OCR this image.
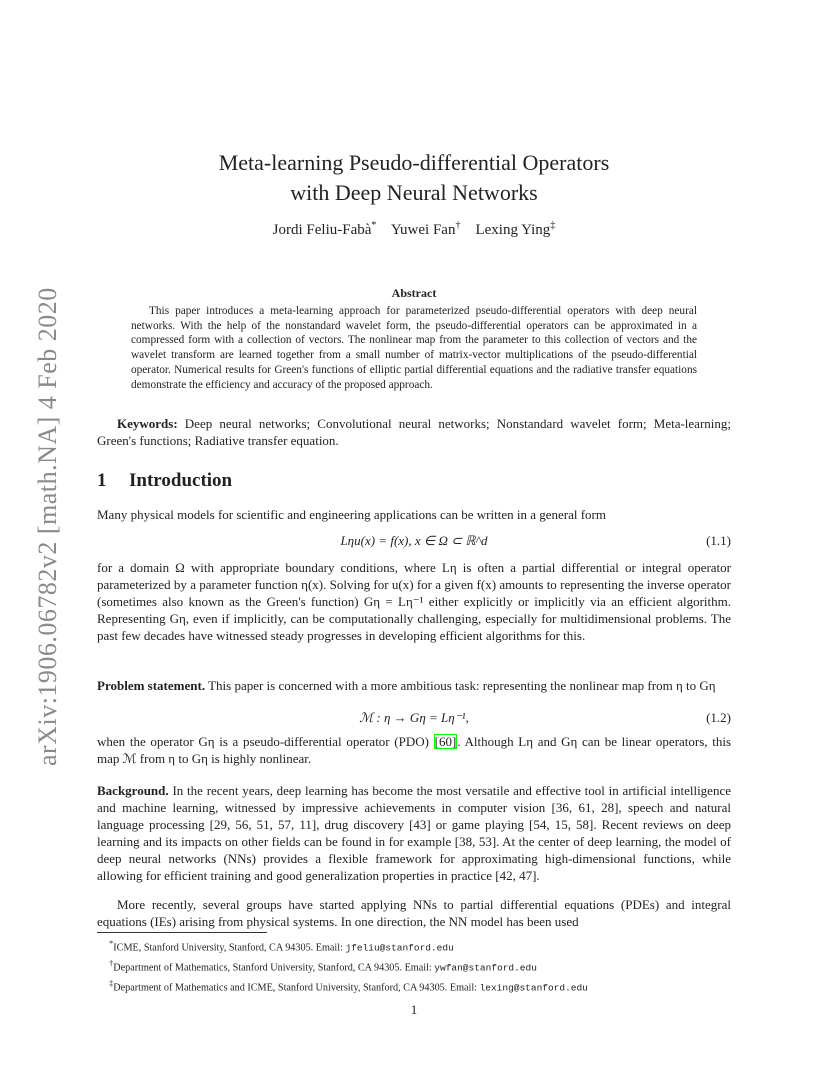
arXiv:1906.06782v2 [math.NA] 4 Feb 2020
Meta-learning Pseudo-differential Operators
with Deep Neural Networks
Jordi Feliu-Fabà* Yuwei Fan† Lexing Ying‡
Abstract
This paper introduces a meta-learning approach for parameterized pseudo-differential operators with deep neural networks. With the help of the nonstandard wavelet form, the pseudo-differential operators can be approximated in a compressed form with a collection of vectors. The nonlinear map from the parameter to this collection of vectors and the wavelet transform are learned together from a small number of matrix-vector multiplications of the pseudo-differential operator. Numerical results for Green's functions of elliptic partial differential equations and the radiative transfer equations demonstrate the efficiency and accuracy of the proposed approach.
Keywords: Deep neural networks; Convolutional neural networks; Nonstandard wavelet form; Meta-learning; Green's functions; Radiative transfer equation.
1 Introduction
Many physical models for scientific and engineering applications can be written in a general form
Lηu(x) = f(x), x ∈ Ω ⊂ ℝ^d	(1.1)
for a domain Ω with appropriate boundary conditions, where Lη is often a partial differential or integral operator parameterized by a parameter function η(x). Solving for u(x) for a given f(x) amounts to representing the inverse operator (sometimes also known as the Green's function) Gη = Lη⁻¹ either explicitly or implicitly via an efficient algorithm. Representing Gη, even if implicitly, can be computationally challenging, especially for multidimensional problems. The past few decades have witnessed steady progresses in developing efficient algorithms for this.
Problem statement. This paper is concerned with a more ambitious task: representing the nonlinear map from η to Gη
ℳ : η → Gη = Lη⁻¹,	(1.2)
when the operator Gη is a pseudo-differential operator (PDO) [60]. Although Lη and Gη can be linear operators, this map ℳ from η to Gη is highly nonlinear.
Background. In the recent years, deep learning has become the most versatile and effective tool in artificial intelligence and machine learning, witnessed by impressive achievements in computer vision [36, 61, 28], speech and natural language processing [29, 56, 51, 57, 11], drug discovery [43] or game playing [54, 15, 58]. Recent reviews on deep learning and its impacts on other fields can be found in for example [38, 53]. At the center of deep learning, the model of deep neural networks (NNs) provides a flexible framework for approximating high-dimensional functions, while allowing for efficient training and good generalization properties in practice [42, 47].
More recently, several groups have started applying NNs to partial differential equations (PDEs) and integral equations (IEs) arising from physical systems. In one direction, the NN model has been used
*ICME, Stanford University, Stanford, CA 94305. Email: jfeliu@stanford.edu
†Department of Mathematics, Stanford University, Stanford, CA 94305. Email: ywfan@stanford.edu
‡Department of Mathematics and ICME, Stanford University, Stanford, CA 94305. Email: lexing@stanford.edu
1
